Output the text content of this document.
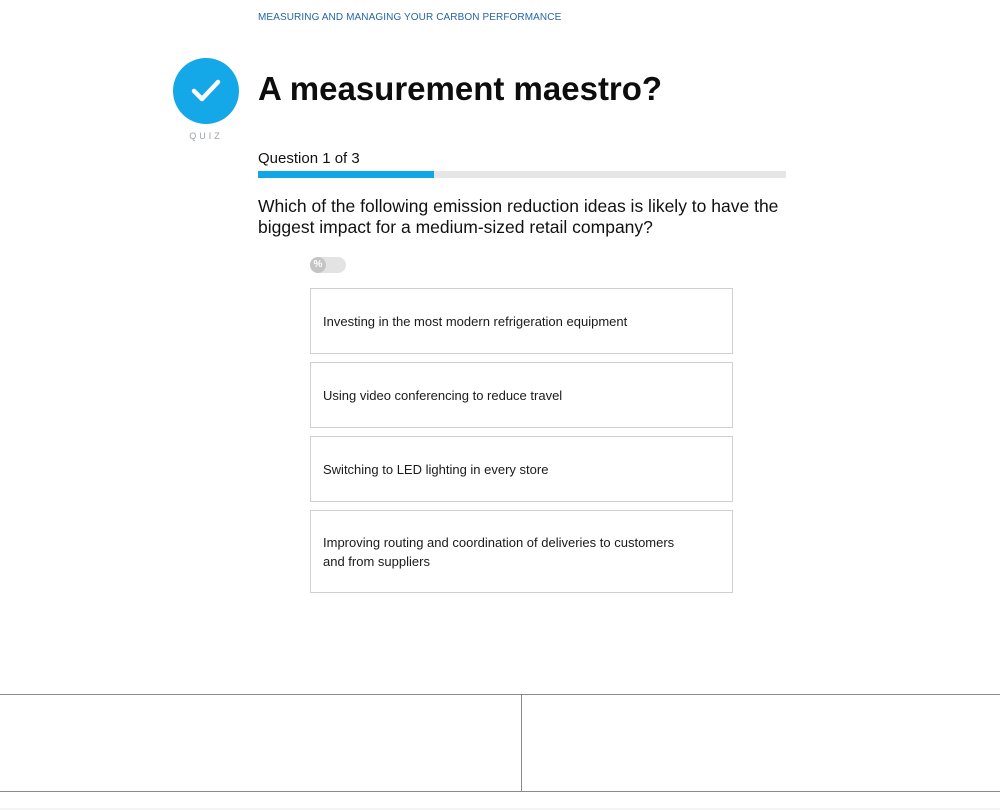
MEASURING AND MANAGING YOUR CARBON PERFORMANCE
QUIZ
A measurement maestro?
Question 1 of 3
Which of the following emission reduction ideas is likely to have the biggest impact for a medium-sized retail company?
%
Investing in the most modern refrigeration equipment
Using video conferencing to reduce travel
Switching to LED lighting in every store
Improving routing and coordination of deliveries to customers and from suppliers
